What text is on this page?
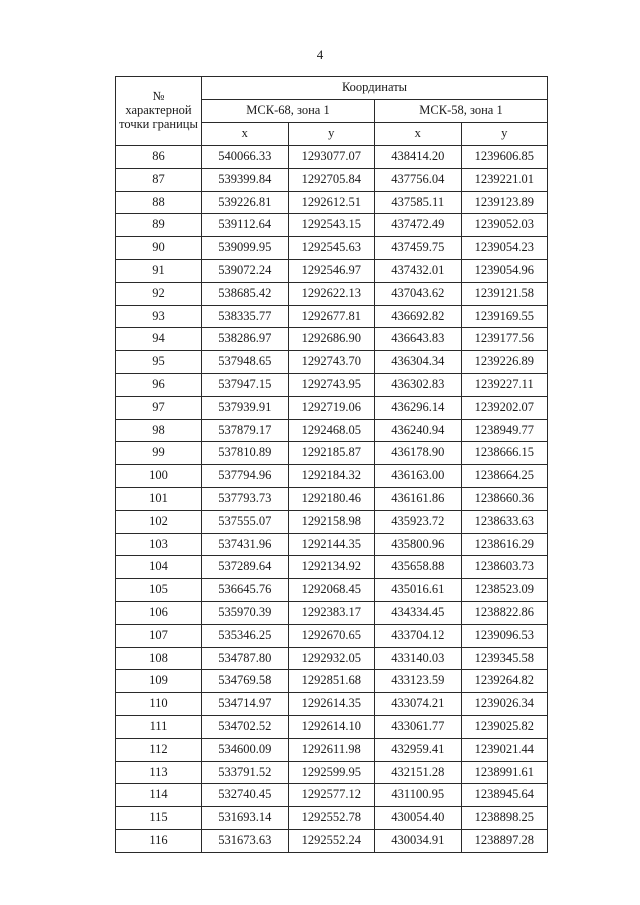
4
№
характерной
точки границы	Координаты			
	МСК-68, зона 1		МСК-58, зона 1	
	x	y	x	y
86	540066.33	1293077.07	438414.20	1239606.85
87	539399.84	1292705.84	437756.04	1239221.01
88	539226.81	1292612.51	437585.11	1239123.89
89	539112.64	1292543.15	437472.49	1239052.03
90	539099.95	1292545.63	437459.75	1239054.23
91	539072.24	1292546.97	437432.01	1239054.96
92	538685.42	1292622.13	437043.62	1239121.58
93	538335.77	1292677.81	436692.82	1239169.55
94	538286.97	1292686.90	436643.83	1239177.56
95	537948.65	1292743.70	436304.34	1239226.89
96	537947.15	1292743.95	436302.83	1239227.11
97	537939.91	1292719.06	436296.14	1239202.07
98	537879.17	1292468.05	436240.94	1238949.77
99	537810.89	1292185.87	436178.90	1238666.15
100	537794.96	1292184.32	436163.00	1238664.25
101	537793.73	1292180.46	436161.86	1238660.36
102	537555.07	1292158.98	435923.72	1238633.63
103	537431.96	1292144.35	435800.96	1238616.29
104	537289.64	1292134.92	435658.88	1238603.73
105	536645.76	1292068.45	435016.61	1238523.09
106	535970.39	1292383.17	434334.45	1238822.86
107	535346.25	1292670.65	433704.12	1239096.53
108	534787.80	1292932.05	433140.03	1239345.58
109	534769.58	1292851.68	433123.59	1239264.82
110	534714.97	1292614.35	433074.21	1239026.34
111	534702.52	1292614.10	433061.77	1239025.82
112	534600.09	1292611.98	432959.41	1239021.44
113	533791.52	1292599.95	432151.28	1238991.61
114	532740.45	1292577.12	431100.95	1238945.64
115	531693.14	1292552.78	430054.40	1238898.25
116	531673.63	1292552.24	430034.91	1238897.28
